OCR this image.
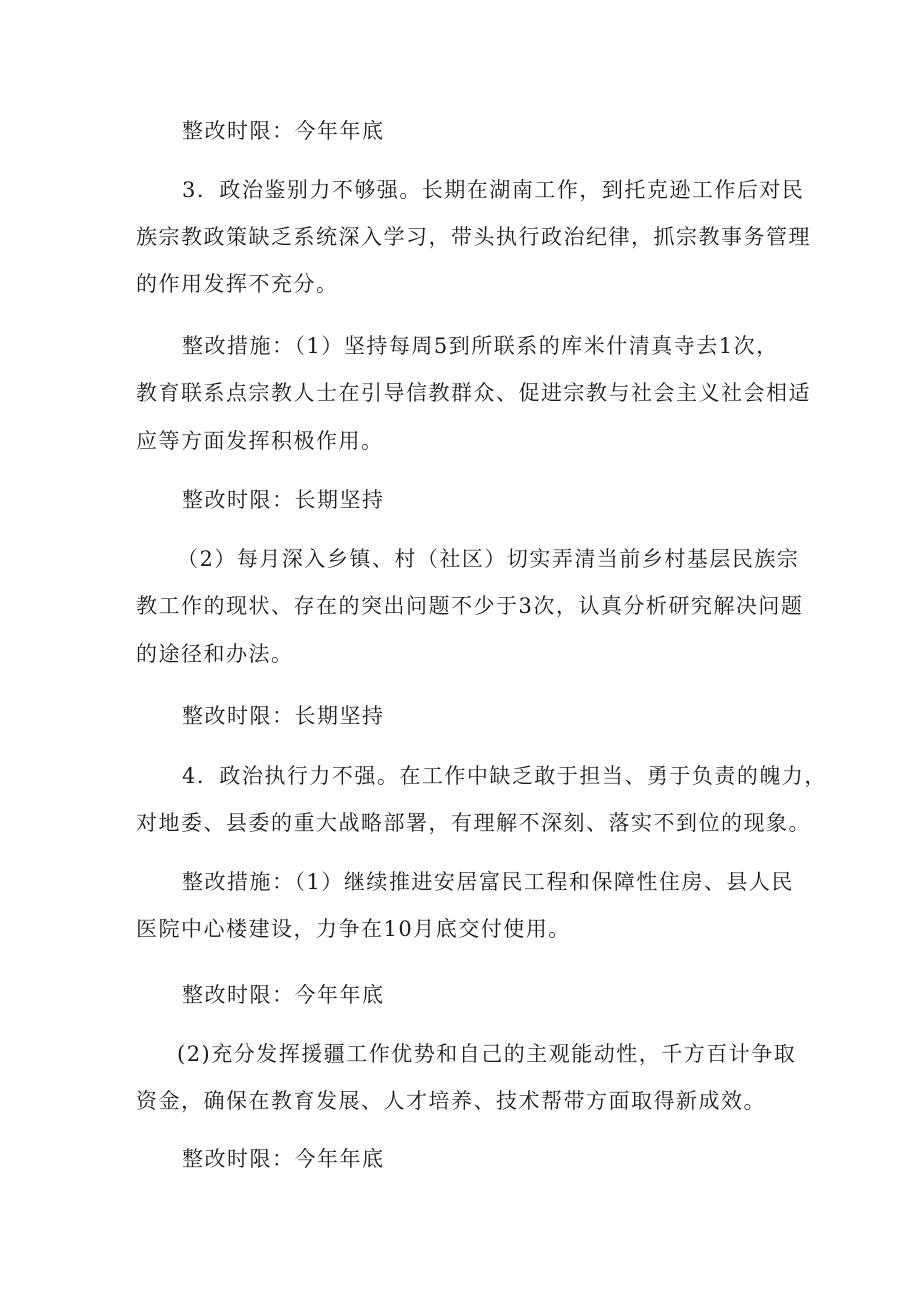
整改时限：今年年底
3．政治鉴别力不够强。长期在湖南工作，到托克逊工作后对民
族宗教政策缺乏系统深入学习，带头执行政治纪律，抓宗教事务管理
的作用发挥不充分。
整改措施：（1）坚持每周5到所联系的库米什清真寺去1次，
教育联系点宗教人士在引导信教群众、促进宗教与社会主义社会相适
应等方面发挥积极作用。
整改时限：长期坚持
（2）每月深入乡镇、村（社区）切实弄清当前乡村基层民族宗
教工作的现状、存在的突出问题不少于3次，认真分析研究解决问题
的途径和办法。
整改时限：长期坚持
4．政治执行力不强。在工作中缺乏敢于担当、勇于负责的魄力，
对地委、县委的重大战略部署，有理解不深刻、落实不到位的现象。
整改措施：（1）继续推进安居富民工程和保障性住房、县人民
医院中心楼建设，力争在10月底交付使用。
整改时限：今年年底
(2)充分发挥援疆工作优势和自己的主观能动性，千方百计争取
资金，确保在教育发展、人才培养、技术帮带方面取得新成效。
整改时限：今年年底
